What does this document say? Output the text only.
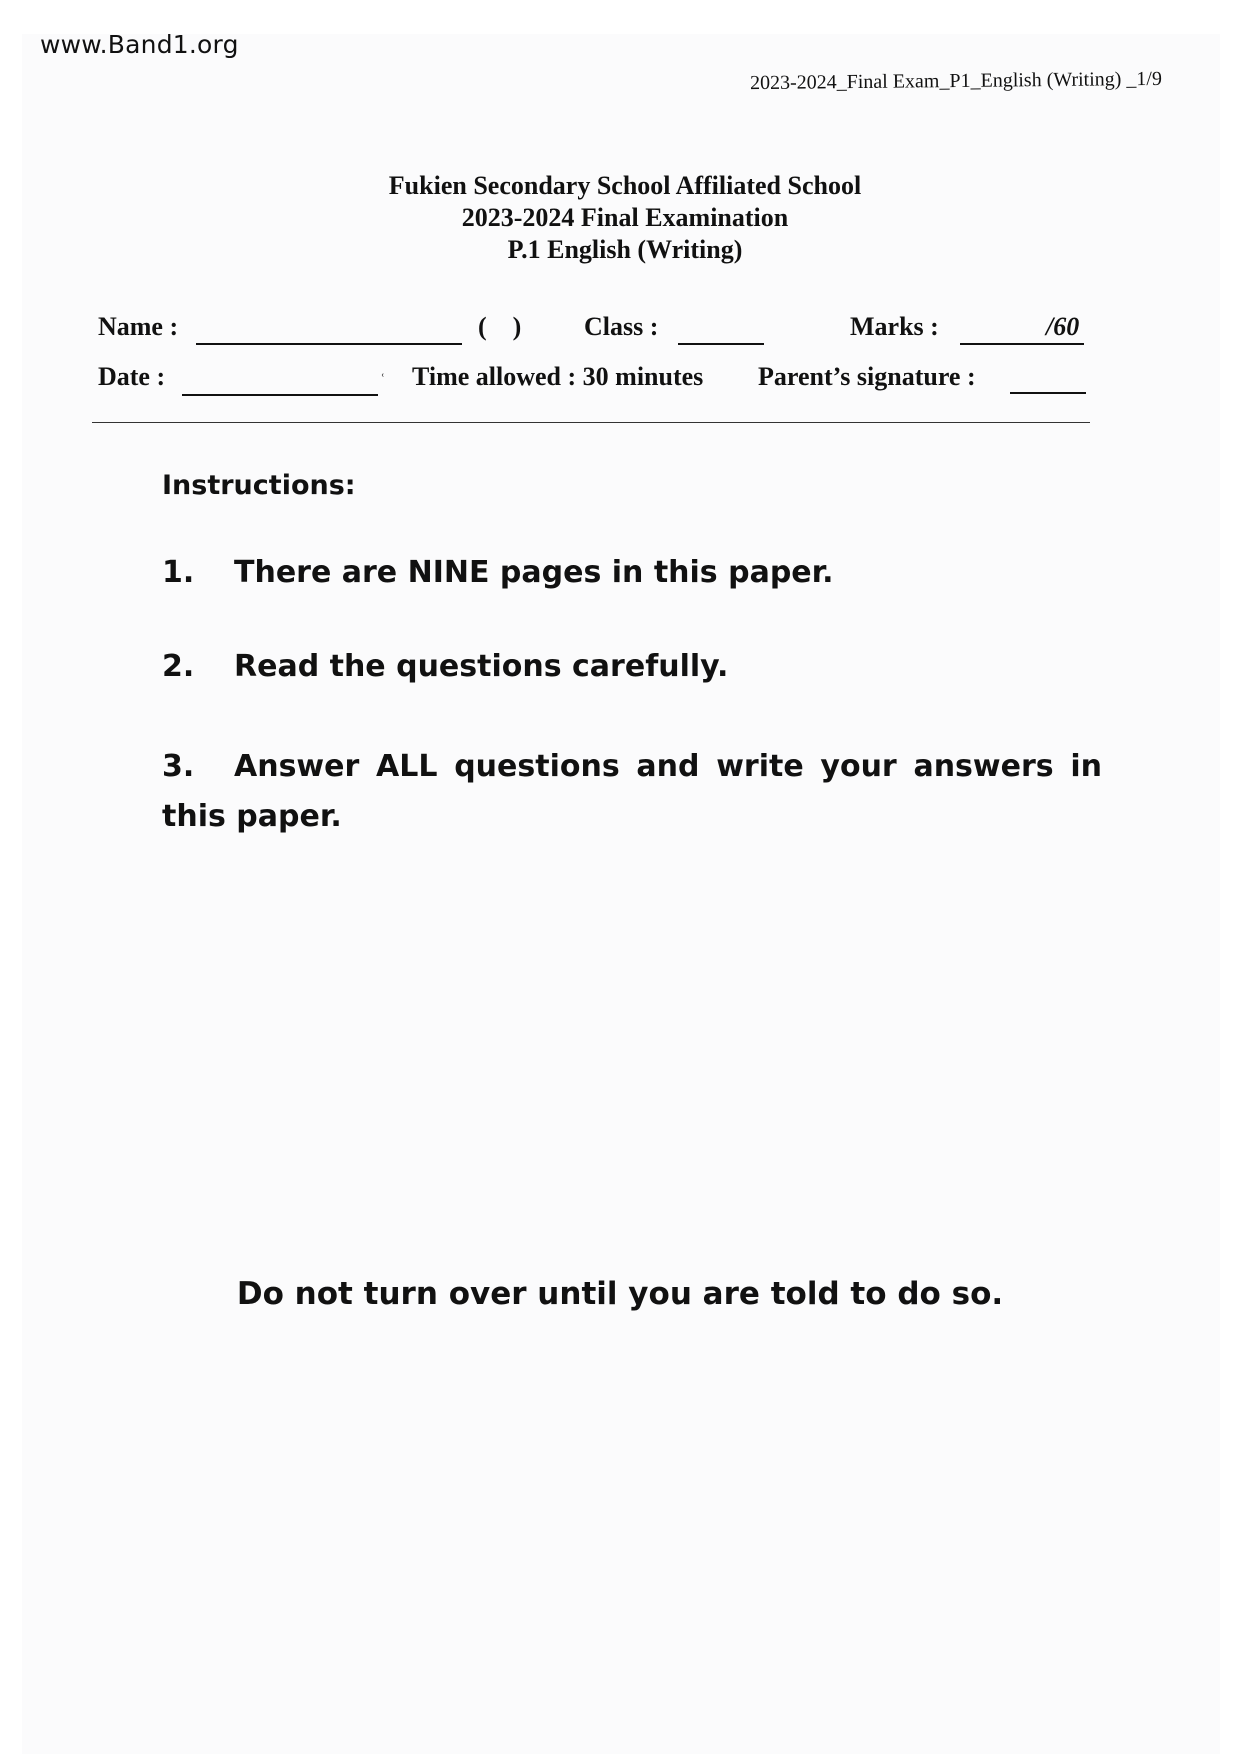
www.Band1.org
2023-2024_Final Exam_P1_English (Writing) _1/9
Fukien Secondary School Affiliated School
2023-2024 Final Examination
P.1 English (Writing)
Name :	(    ) Class :	Marks :	/60
Date :	ʿ Time allowed : 30 minutes Parent’s signature :
Instructions:
1. There are NINE pages in this paper.
2. Read the questions carefully.
3. Answer ALL questions and write your answers in this paper.
Do not turn over until you are told to do so.
